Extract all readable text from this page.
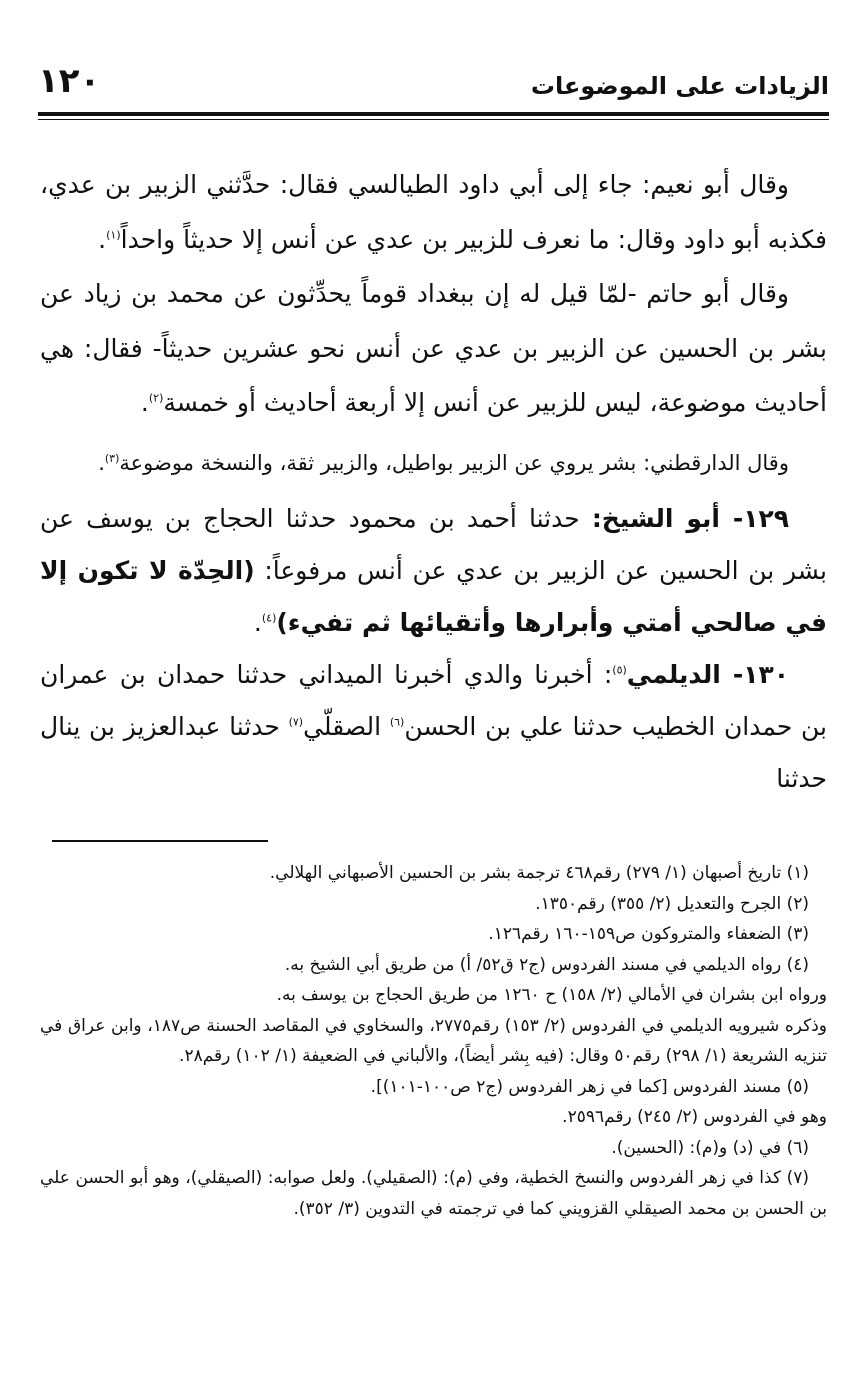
الزيادات على الموضوعات
١٢٠

وقال أبو نعيم: جاء إلى أبي داود الطيالسي فقال: حدَّثني الزبير بن عدي، فكذبه أبو داود وقال: ما نعرف للزبير بن عدي عن أنس إلا حديثاً واحداً$^{(١)}$.

وقال أبو حاتم -لمّا قيل له إن ببغداد قوماً يحدِّثون عن محمد بن زياد عن بشر بن الحسين عن الزبير بن عدي عن أنس نحو عشرين حديثاً- فقال: هي أحاديث موضوعة، ليس للزبير عن أنس إلا أربعة أحاديث أو خمسة$^{(٢)}$.

وقال الدارقطني: بشر يروي عن الزبير بواطيل، والزبير ثقة، والنسخة موضوعة$^{(٣)}$.

١٢٩- أبو الشيخ: حدثنا أحمد بن محمود حدثنا الحجاج بن يوسف عن بشر بن الحسين عن الزبير بن عدي عن أنس مرفوعاً: (الحِدّة لا تكون إلا في صالحي أمتي وأبرارها وأتقيائها ثم تفيء)$^{(٤)}$.

١٣٠- الديلمي$^{(٥)}$: أخبرنا والدي أخبرنا الميداني حدثنا حمدان بن عمران بن حمدان الخطيب حدثنا علي بن الحسن$^{(٦)}$ الصقلّي$^{(٧)}$ حدثنا عبدالعزيز بن ينال حدثنا

(١) تاريخ أصبهان (١/ ٢٧٩) رقم٤٦٨ ترجمة بشر بن الحسين الأصبهاني الهلالي.

(٢) الجرح والتعديل (٢/ ٣٥٥) رقم١٣٥٠.

(٣) الضعفاء والمتروكون ص١٥٩-١٦٠ رقم١٢٦.

(٤) رواه الديلمي في مسند الفردوس (ج٢ ق٥٢/ أ) من طريق أبي الشيخ به.

ورواه ابن بشران في الأمالي (٢/ ١٥٨) ح ١٢٦٠ من طريق الحجاج بن يوسف به.

وذكره شيرويه الديلمي في الفردوس (٢/ ١٥٣) رقم٢٧٧٥، والسخاوي في المقاصد الحسنة ص١٨٧، وابن عراق في تنزيه الشريعة (١/ ٢٩٨) رقم٥٠ وقال: (فيه بِشر أيضاً)، والألباني في الضعيفة (١/ ١٠٢) رقم٢٨.

(٥) مسند الفردوس [كما في زهر الفردوس (ج٢ ص١٠٠-١٠١)].

وهو في الفردوس (٢/ ٢٤٥) رقم٢٥٩٦.

(٦) في (د) و(م): (الحسين).

(٧) كذا في زهر الفردوس والنسخ الخطية، وفي (م): (الصقيلي). ولعل صوابه: (الصيقلي)، وهو أبو الحسن علي بن الحسن بن محمد الصيقلي القزويني كما في ترجمته في التدوين (٣/ ٣٥٢).
